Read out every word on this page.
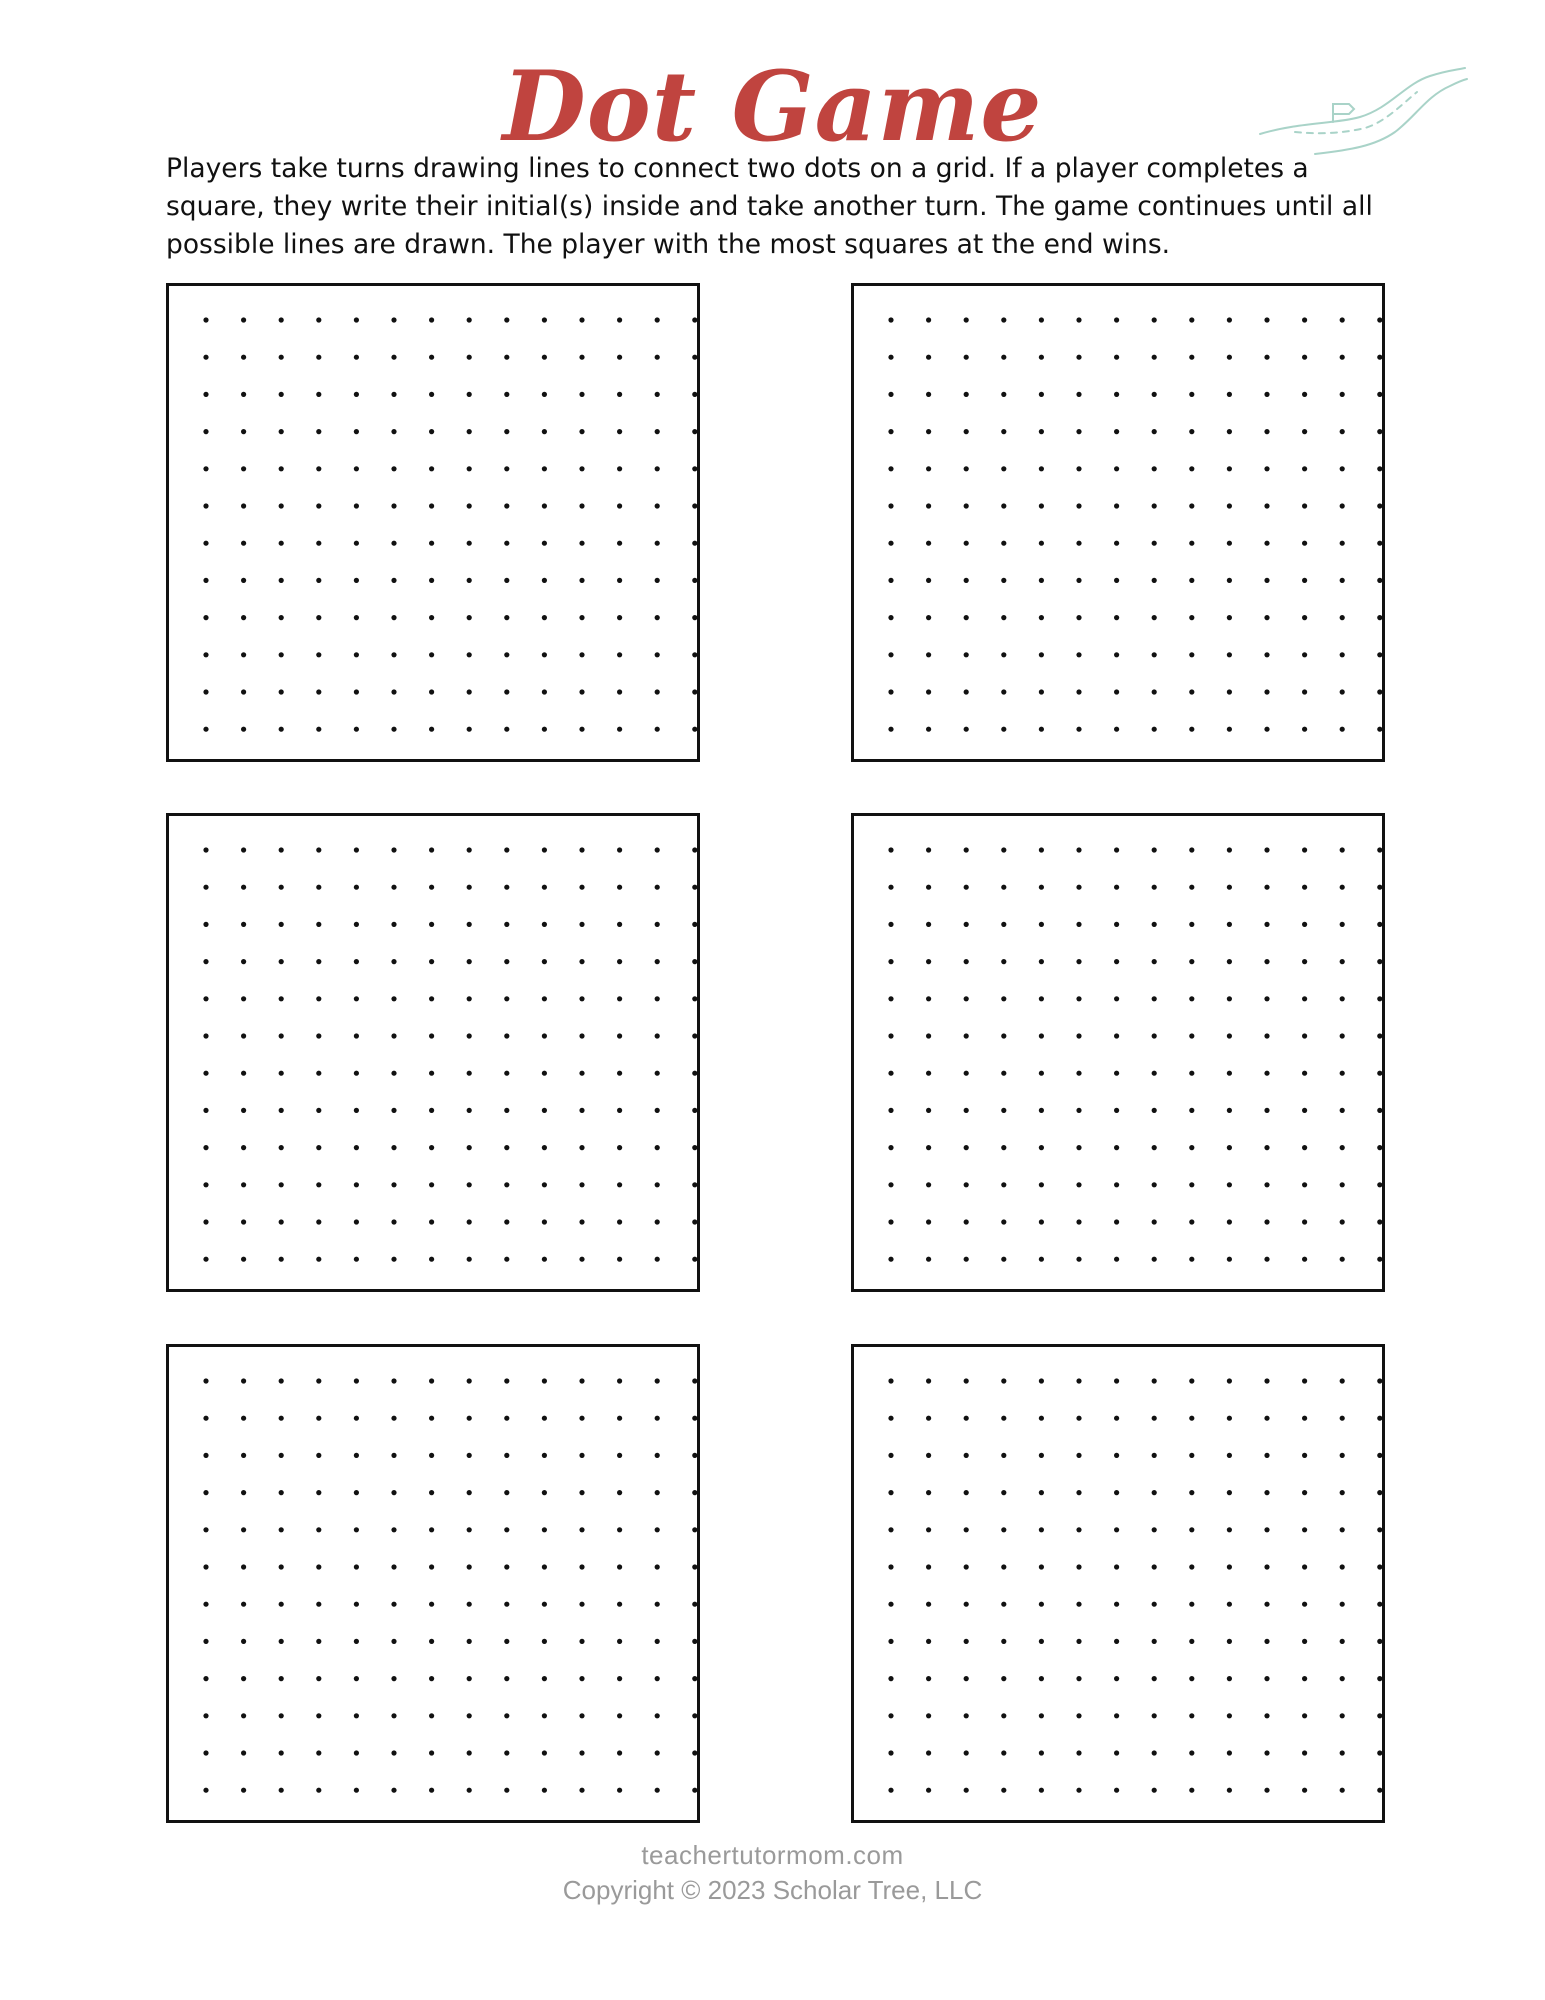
Dot Game
Players take turns drawing lines to connect two dots on a grid. If a player completes a square, they write their initial(s) inside and take another turn. The game continues until all possible lines are drawn. The player with the most squares at the end wins.
teachertutormom.com
Copyright © 2023 Scholar Tree, LLC
